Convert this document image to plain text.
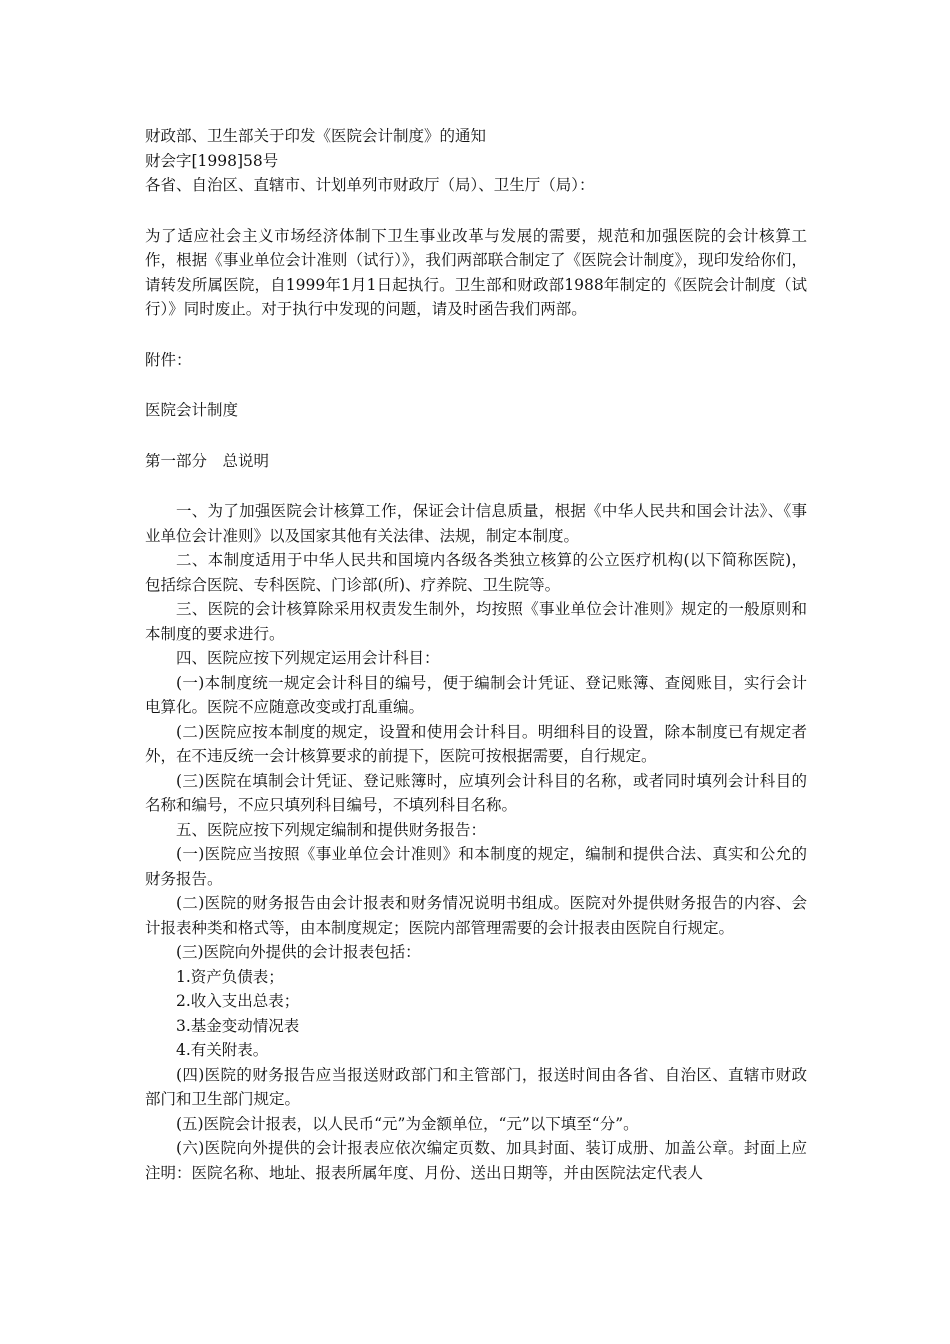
财政部、卫生部关于印发《医院会计制度》的通知

财会字[1998]58号

各省、自治区、直辖市、计划单列市财政厅（局）、卫生厅（局）：

为了适应社会主义市场经济体制下卫生事业改革与发展的需要，规范和加强医院的会计核算工作，根据《事业单位会计准则（试行）》，我们两部联合制定了《医院会计制度》，现印发给你们，请转发所属医院，自1999年1月1日起执行。卫生部和财政部1988年制定的《医院会计制度（试行）》同时废止。对于执行中发现的问题，请及时函告我们两部。

附件：

医院会计制度

第一部分　总说明

一、为了加强医院会计核算工作，保证会计信息质量，根据《中华人民共和国会计法》、《事业单位会计准则》以及国家其他有关法律、法规，制定本制度。

二、本制度适用于中华人民共和国境内各级各类独立核算的公立医疗机构(以下简称医院)，包括综合医院、专科医院、门诊部(所)、疗养院、卫生院等。

三、医院的会计核算除采用权责发生制外，均按照《事业单位会计准则》规定的一般原则和本制度的要求进行。

四、医院应按下列规定运用会计科目：

(一)本制度统一规定会计科目的编号，便于编制会计凭证、登记账簿、查阅账目，实行会计电算化。医院不应随意改变或打乱重编。

(二)医院应按本制度的规定，设置和使用会计科目。明细科目的设置，除本制度已有规定者外，在不违反统一会计核算要求的前提下，医院可按根据需要，自行规定。

(三)医院在填制会计凭证、登记账簿时，应填列会计科目的名称，或者同时填列会计科目的名称和编号，不应只填列科目编号，不填列科目名称。

五、医院应按下列规定编制和提供财务报告：

(一)医院应当按照《事业单位会计准则》和本制度的规定，编制和提供合法、真实和公允的财务报告。

(二)医院的财务报告由会计报表和财务情况说明书组成。医院对外提供财务报告的内容、会计报表种类和格式等，由本制度规定；医院内部管理需要的会计报表由医院自行规定。

(三)医院向外提供的会计报表包括：

1.资产负债表；

2.收入支出总表；

3.基金变动情况表

4.有关附表。

(四)医院的财务报告应当报送财政部门和主管部门，报送时间由各省、自治区、直辖市财政部门和卫生部门规定。

(五)医院会计报表，以人民币“元”为金额单位，“元”以下填至“分”。

(六)医院向外提供的会计报表应依次编定页数、加具封面、装订成册、加盖公章。封面上应注明：医院名称、地址、报表所属年度、月份、送出日期等，并由医院法定代表人
